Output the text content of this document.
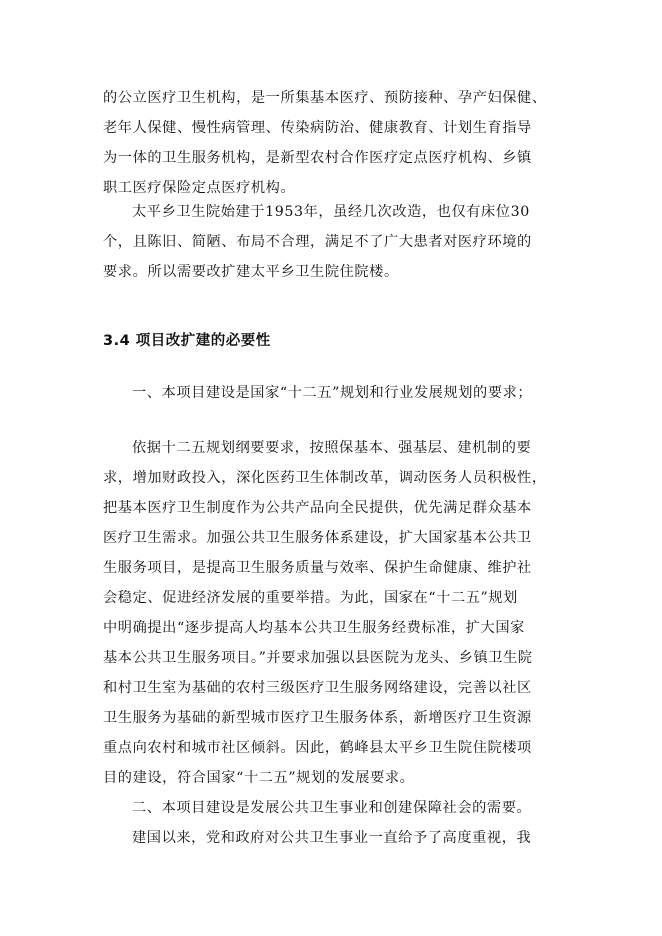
的公立医疗卫生机构，是一所集基本医疗、预防接种、孕产妇保健、
老年人保健、慢性病管理、传染病防治、健康教育、计划生育指导
为一体的卫生服务机构，是新型农村合作医疗定点医疗机构、乡镇
职工医疗保险定点医疗机构。
太平乡卫生院始建于1953年，虽经几次改造，也仅有床位30
个，且陈旧、简陋、布局不合理，满足不了广大患者对医疗环境的
要求。所以需要改扩建太平乡卫生院住院楼。
3.4 项目改扩建的必要性
一、本项目建设是国家“十二五”规划和行业发展规划的要求；
依据十二五规划纲要要求，按照保基本、强基层、建机制的要
求，增加财政投入，深化医药卫生体制改革，调动医务人员积极性，
把基本医疗卫生制度作为公共产品向全民提供，优先满足群众基本
医疗卫生需求。加强公共卫生服务体系建设，扩大国家基本公共卫
生服务项目，是提高卫生服务质量与效率、保护生命健康、维护社
会稳定、促进经济发展的重要举措。为此，国家在“十二五”规划
中明确提出“逐步提高人均基本公共卫生服务经费标准，扩大国家
基本公共卫生服务项目。”并要求加强以县医院为龙头、乡镇卫生院
和村卫生室为基础的农村三级医疗卫生服务网络建设，完善以社区
卫生服务为基础的新型城市医疗卫生服务体系，新增医疗卫生资源
重点向农村和城市社区倾斜。因此，鹤峰县太平乡卫生院住院楼项
目的建设，符合国家“十二五”规划的发展要求。
二、本项目建设是发展公共卫生事业和创建保障社会的需要。
建国以来，党和政府对公共卫生事业一直给予了高度重视，我
